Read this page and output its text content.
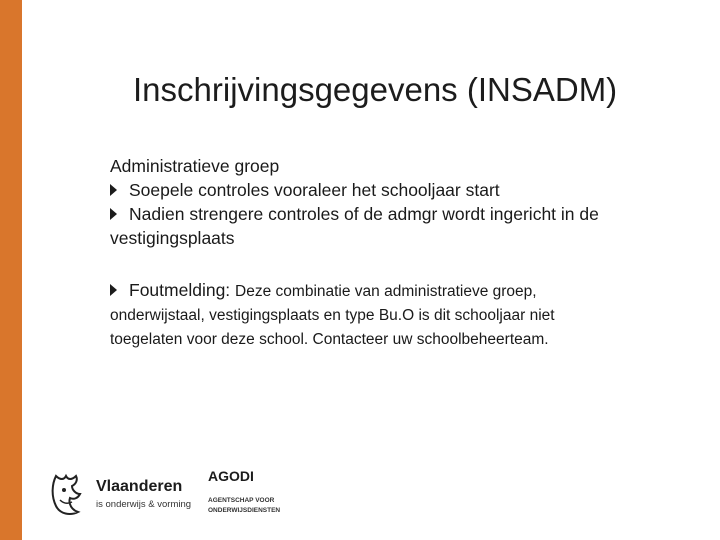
Inschrijvingsgegevens (INSADM)

Administratieve groep

Soepele controles vooraleer het schooljaar start
Nadien strengere controles of de admgr wordt ingericht in de

vestigingsplaats

Foutmelding: Deze combinatie van administratieve groep,

onderwijstaal, vestigingsplaats en type Bu.O is dit schooljaar niet

toegelaten voor deze school. Contacteer uw schoolbeheerteam.

Vlaanderen
is onderwijs & vorming
AGODI
AGENTSCHAP VOOR
ONDERWIJSDIENSTEN
